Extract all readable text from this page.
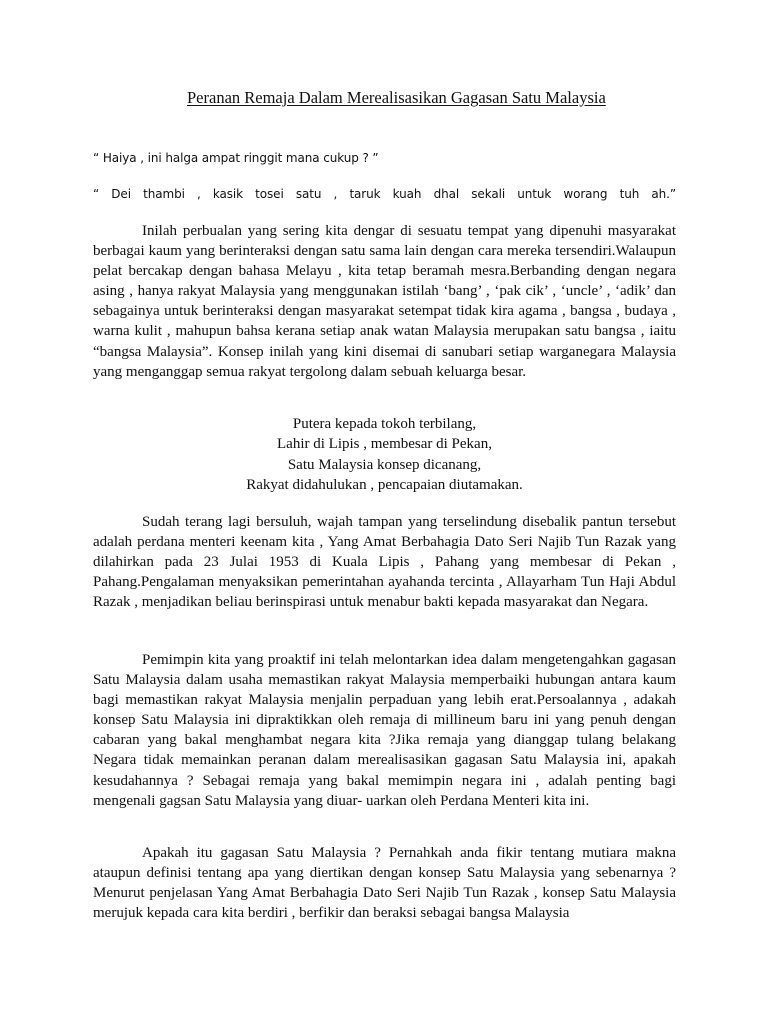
Peranan Remaja Dalam Merealisasikan Gagasan Satu Malaysia
“ Haiya , ini halga ampat ringgit mana cukup ? ”
“ Dei thambi , kasik tosei satu , taruk kuah dhal sekali untuk worang tuh ah.”

Inilah perbualan yang sering kita dengar di sesuatu tempat yang dipenuhi masyarakat berbagai kaum yang berinteraksi dengan satu sama lain dengan cara mereka tersendiri.Walaupun pelat bercakap dengan bahasa Melayu , kita tetap beramah mesra.Berbanding dengan negara asing , hanya rakyat Malaysia yang menggunakan istilah ‘bang’ , ‘pak cik’ , ‘uncle’ , ‘adik’ dan sebagainya untuk berinteraksi dengan masyarakat setempat tidak kira agama , bangsa , budaya , warna kulit , mahupun bahsa kerana setiap anak watan Malaysia merupakan satu bangsa , iaitu “bangsa Malaysia”. Konsep inilah yang kini disemai di sanubari setiap warganegara Malaysia yang menganggap semua rakyat tergolong dalam sebuah keluarga besar.

Putera kepada tokoh terbilang,
Lahir di Lipis , membesar di Pekan,
Satu Malaysia konsep dicanang,
Rakyat didahulukan , pencapaian diutamakan.

Sudah terang lagi bersuluh, wajah tampan yang terselindung disebalik pantun tersebut adalah perdana menteri keenam kita , Yang Amat Berbahagia Dato Seri Najib Tun Razak yang dilahirkan pada 23 Julai 1953 di Kuala Lipis , Pahang yang membesar di Pekan , Pahang.Pengalaman menyaksikan pemerintahan ayahanda tercinta , Allayarham Tun Haji Abdul Razak , menjadikan beliau berinspirasi untuk menabur bakti kepada masyarakat dan Negara.

Pemimpin kita yang proaktif ini telah melontarkan idea dalam mengetengahkan gagasan Satu Malaysia dalam usaha memastikan rakyat Malaysia memperbaiki hubungan antara kaum bagi memastikan rakyat Malaysia menjalin perpaduan yang lebih erat.Persoalannya , adakah konsep Satu Malaysia ini dipraktikkan oleh remaja di millineum baru ini yang penuh dengan cabaran yang bakal menghambat negara kita ?Jika remaja yang dianggap tulang belakang Negara tidak memainkan peranan dalam merealisasikan gagasan Satu Malaysia ini, apakah kesudahannya ? Sebagai remaja yang bakal memimpin negara ini , adalah penting bagi mengenali gagsan Satu Malaysia yang diuar- uarkan oleh Perdana Menteri kita ini.

Apakah itu gagasan Satu Malaysia ? Pernahkah anda fikir tentang mutiara makna ataupun definisi tentang apa yang diertikan dengan konsep Satu Malaysia yang sebenarnya ? Menurut penjelasan Yang Amat Berbahagia Dato Seri Najib Tun Razak , konsep Satu Malaysia merujuk kepada cara kita berdiri , berfikir dan beraksi sebagai bangsa Malaysia
